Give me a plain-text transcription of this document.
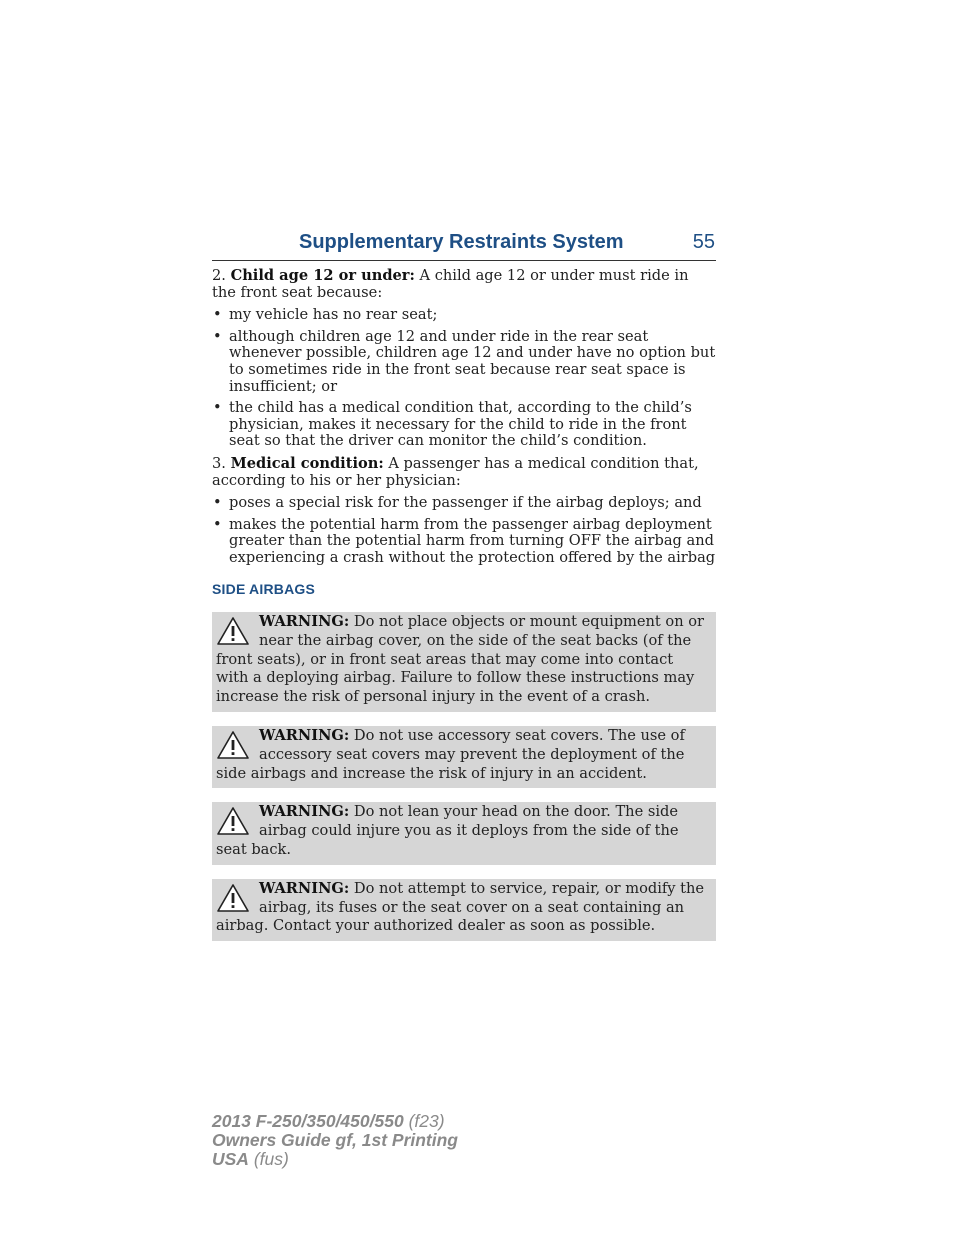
Supplementary Restraints System	55

2. Child age 12 or under: A child age 12 or under must ride in the front seat because:

• my vehicle has no rear seat;
• although children age 12 and under ride in the rear seat whenever possible, children age 12 and under have no option but to sometimes ride in the front seat because rear seat space is insufficient; or
• the child has a medical condition that, according to the child’s physician, makes it necessary for the child to ride in the front seat so that the driver can monitor the child’s condition.

3. Medical condition: A passenger has a medical condition that, according to his or her physician:

• poses a special risk for the passenger if the airbag deploys; and
• makes the potential harm from the passenger airbag deployment greater than the potential harm from turning OFF the airbag and experiencing a crash without the protection offered by the airbag
SIDE AIRBAGS
WARNING: Do not place objects or mount equipment on or near the airbag cover, on the side of the seat backs (of the front seats), or in front seat areas that may come into contact with a deploying airbag. Failure to follow these instructions may increase the risk of personal injury in the event of a crash.
WARNING: Do not use accessory seat covers. The use of accessory seat covers may prevent the deployment of the side airbags and increase the risk of injury in an accident.
WARNING: Do not lean your head on the door. The side airbag could injure you as it deploys from the side of the seat back.
WARNING: Do not attempt to service, repair, or modify the airbag, its fuses or the seat cover on a seat containing an airbag. Contact your authorized dealer as soon as possible.
2013 F-250/350/450/550 (f23)
Owners Guide gf, 1st Printing
USA (fus)
